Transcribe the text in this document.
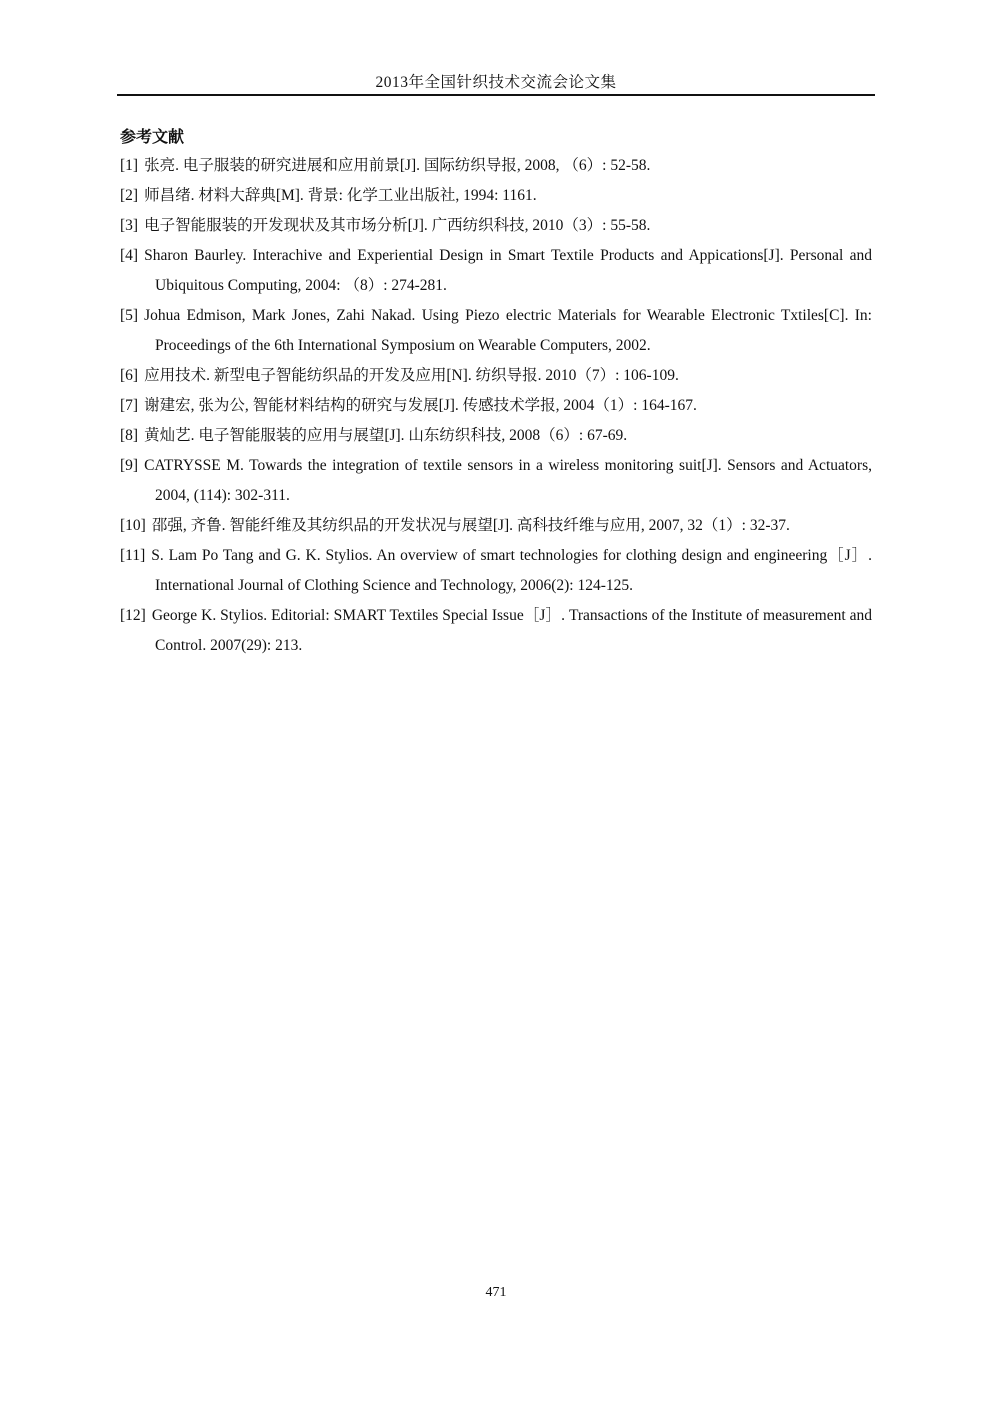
2013年全国针织技术交流会论文集
参考文献

[1] 张亮. 电子服装的研究进展和应用前景[J]. 国际纺织导报, 2008, （6）: 52-58.

[2] 师昌绪. 材料大辞典[M]. 背景: 化学工业出版社, 1994: 1161.

[3] 电子智能服装的开发现状及其市场分析[J]. 广西纺织科技, 2010（3）: 55-58.

[4] Sharon Baurley. Interachive and Experiential Design in Smart Textile Products and Appications[J]. Personal and Ubiquitous Computing, 2004: （8）: 274-281.

[5] Johua Edmison, Mark Jones, Zahi Nakad. Using Piezo electric Materials for Wearable Electronic Txtiles[C]. In: Proceedings of the 6th International Symposium on Wearable Computers, 2002.

[6] 应用技术. 新型电子智能纺织品的开发及应用[N]. 纺织导报. 2010（7）: 106-109.

[7] 谢建宏, 张为公, 智能材料结构的研究与发展[J]. 传感技术学报, 2004（1）: 164-167.

[8] 黄灿艺. 电子智能服装的应用与展望[J]. 山东纺织科技, 2008（6）: 67-69.

[9] CATRYSSE M. Towards the integration of textile sensors in a wireless monitoring suit[J]. Sensors and Actuators, 2004, (114): 302-311.

[10] 邵强, 齐鲁. 智能纤维及其纺织品的开发状况与展望[J]. 高科技纤维与应用, 2007, 32（1）: 32-37.

[11] S. Lam Po Tang and G. K. Stylios. An overview of smart technologies for clothing design and engineering［J］. International Journal of Clothing Science and Technology, 2006(2): 124-125.

[12] George K. Stylios. Editorial: SMART Textiles Special Issue［J］. Transactions of the Institute of measurement and Control. 2007(29): 213.

471
